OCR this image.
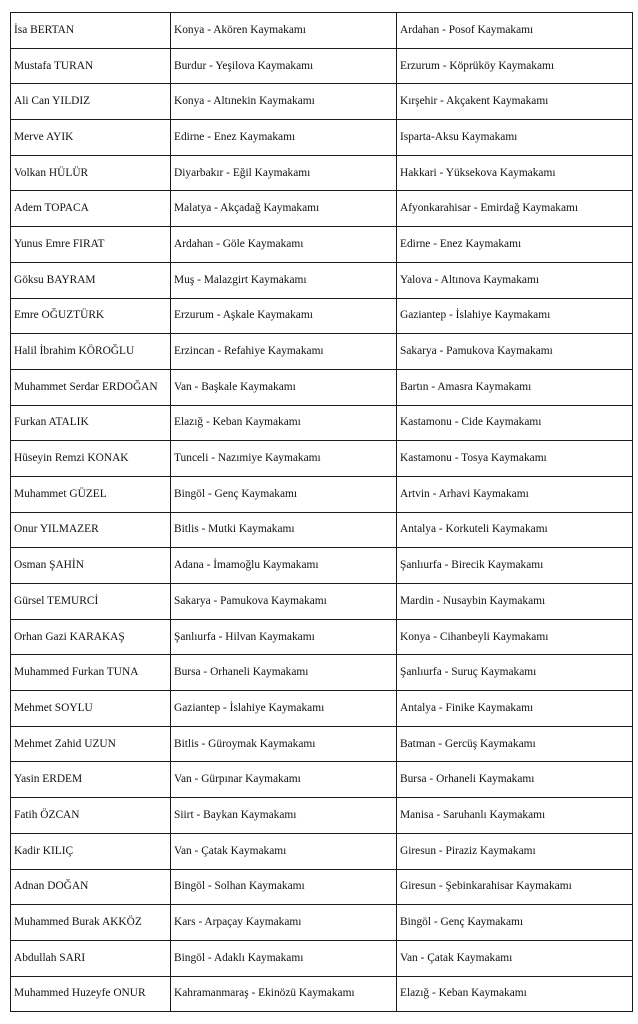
İsa BERTAN	Konya - Akören Kaymakamı	Ardahan - Posof Kaymakamı
Mustafa TURAN	Burdur - Yeşilova Kaymakamı	Erzurum - Köprüköy Kaymakamı
Ali Can YILDIZ	Konya - Altınekin Kaymakamı	Kırşehir - Akçakent Kaymakamı
Merve AYIK	Edirne - Enez Kaymakamı	Isparta-Aksu Kaymakamı
Volkan HÜLÜR	Diyarbakır - Eğil Kaymakamı	Hakkari - Yüksekova Kaymakamı
Adem TOPACA	Malatya - Akçadağ Kaymakamı	Afyonkarahisar - Emirdağ Kaymakamı
Yunus Emre FIRAT	Ardahan - Göle Kaymakamı	Edirne - Enez Kaymakamı
Göksu BAYRAM	Muş - Malazgirt Kaymakamı	Yalova - Altınova Kaymakamı
Emre OĞUZTÜRK	Erzurum - Aşkale Kaymakamı	Gaziantep - İslahiye Kaymakamı
Halil İbrahim KÖROĞLU	Erzincan - Refahiye Kaymakamı	Sakarya - Pamukova Kaymakamı
Muhammet Serdar ERDOĞAN	Van - Başkale Kaymakamı	Bartın - Amasra Kaymakamı
Furkan ATALIK	Elazığ - Keban Kaymakamı	Kastamonu - Cide Kaymakamı
Hüseyin Remzi KONAK	Tunceli - Nazımiye Kaymakamı	Kastamonu - Tosya Kaymakamı
Muhammet GÜZEL	Bingöl - Genç Kaymakamı	Artvin - Arhavi Kaymakamı
Onur YILMAZER	Bitlis - Mutki Kaymakamı	Antalya - Korkuteli Kaymakamı
Osman ŞAHİN	Adana - İmamoğlu Kaymakamı	Şanlıurfa - Birecik Kaymakamı
Gürsel TEMURCİ	Sakarya - Pamukova Kaymakamı	Mardin - Nusaybin Kaymakamı
Orhan Gazi KARAKAŞ	Şanlıurfa - Hilvan Kaymakamı	Konya - Cihanbeyli Kaymakamı
Muhammed Furkan TUNA	Bursa - Orhaneli Kaymakamı	Şanlıurfa - Suruç Kaymakamı
Mehmet SOYLU	Gaziantep - İslahiye Kaymakamı	Antalya - Finike Kaymakamı
Mehmet Zahid UZUN	Bitlis - Güroymak Kaymakamı	Batman - Gercüş Kaymakamı
Yasin ERDEM	Van - Gürpınar Kaymakamı	Bursa - Orhaneli Kaymakamı
Fatih ÖZCAN	Siirt - Baykan Kaymakamı	Manisa - Saruhanlı Kaymakamı
Kadir KILIÇ	Van - Çatak Kaymakamı	Giresun - Piraziz Kaymakamı
Adnan DOĞAN	Bingöl - Solhan Kaymakamı	Giresun - Şebinkarahisar Kaymakamı
Muhammed Burak AKKÖZ	Kars - Arpaçay Kaymakamı	Bingöl - Genç Kaymakamı
Abdullah SARI	Bingöl - Adaklı Kaymakamı	Van - Çatak Kaymakamı
Muhammed Huzeyfe ONUR	Kahramanmaraş - Ekinözü Kaymakamı	Elazığ - Keban Kaymakamı
